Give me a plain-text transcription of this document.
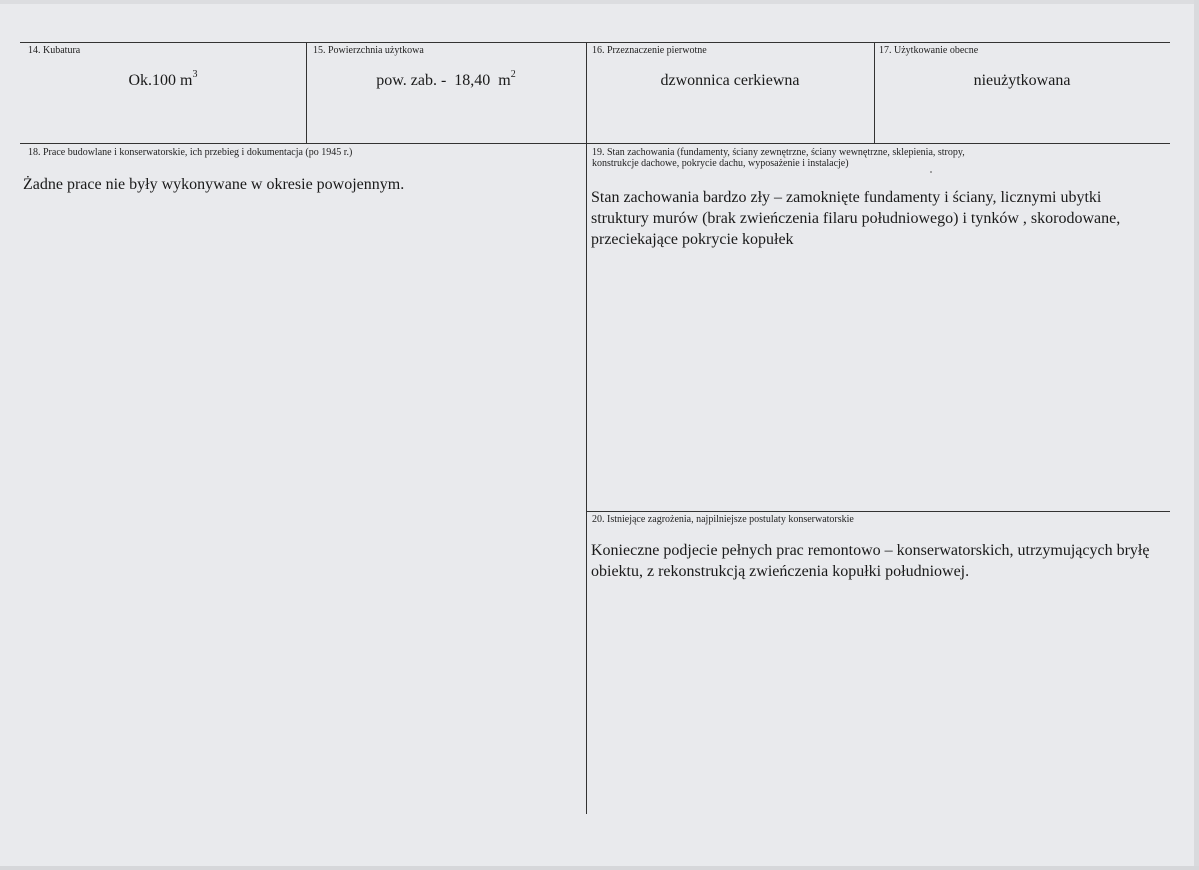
14. Kubatura
Ok.100 $m^3$
15. Powierzchnia użytkowa
pow. zab. -  18,40  $m^2$
16. Przeznaczenie pierwotne
dzwonnica cerkiewna
17. Użytkowanie obecne
nieużytkowana
18. Prace budowlane i konserwatorskie, ich przebieg i dokumentacja (po 1945 r.)
Żadne prace nie były wykonywane w okresie powojennym.
19. Stan zachowania (fundamenty, ściany zewnętrzne, ściany wewnętrzne, sklepienia, stropy,
konstrukcje dachowe, pokrycie dachu, wyposażenie i instalacje)
Stan zachowania bardzo zły – zamoknięte fundamenty i ściany, licznymi ubytki struktury murów (brak zwieńczenia filaru południowego) i tynków , skorodowane, przeciekające pokrycie kopułek
20. Istniejące zagrożenia, najpilniejsze postulaty konserwatorskie
Konieczne podjecie pełnych prac remontowo – konserwatorskich, utrzymujących bryłę obiektu, z rekonstrukcją zwieńczenia kopułki południowej.
